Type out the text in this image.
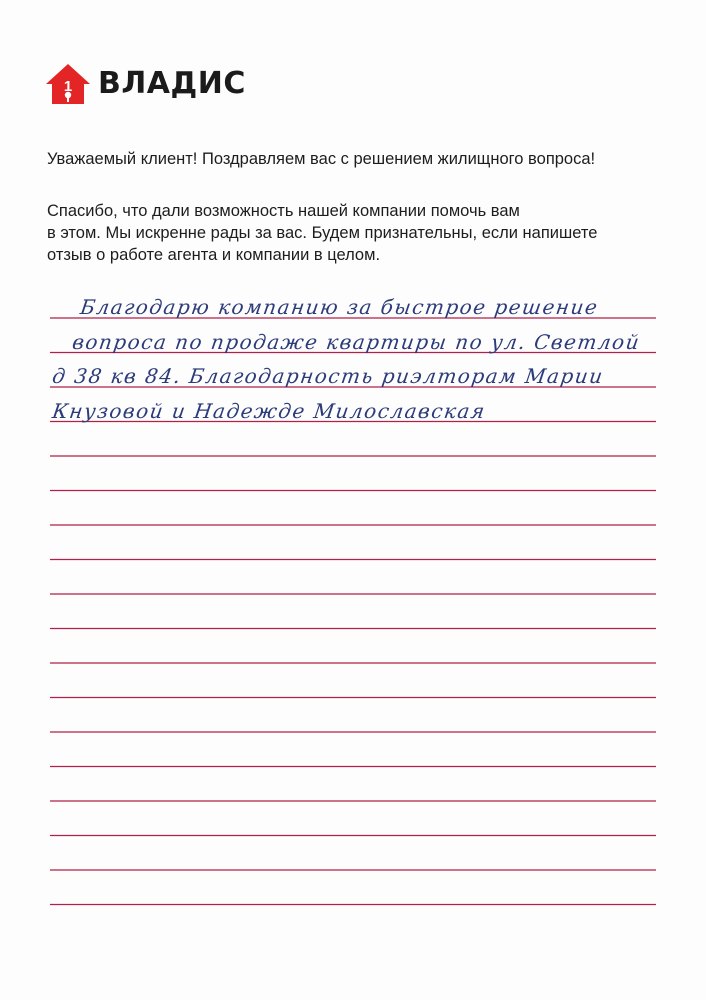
1 ВЛАДИС
Уважаемый клиент! Поздравляем вас с решением жилищного вопроса!
Спасибо, что дали возможность нашей компании помочь вам
в этом. Мы искренне рады за вас. Будем признательны, если напишете
отзыв о работе агента и компании в целом.
Благодарю компанию за быстрое решение
вопроса по продаже квартиры по ул. Светлой
д 38 кв 84. Благодарность риэлторам Марии
Кнузовой и Надежде Милославская
